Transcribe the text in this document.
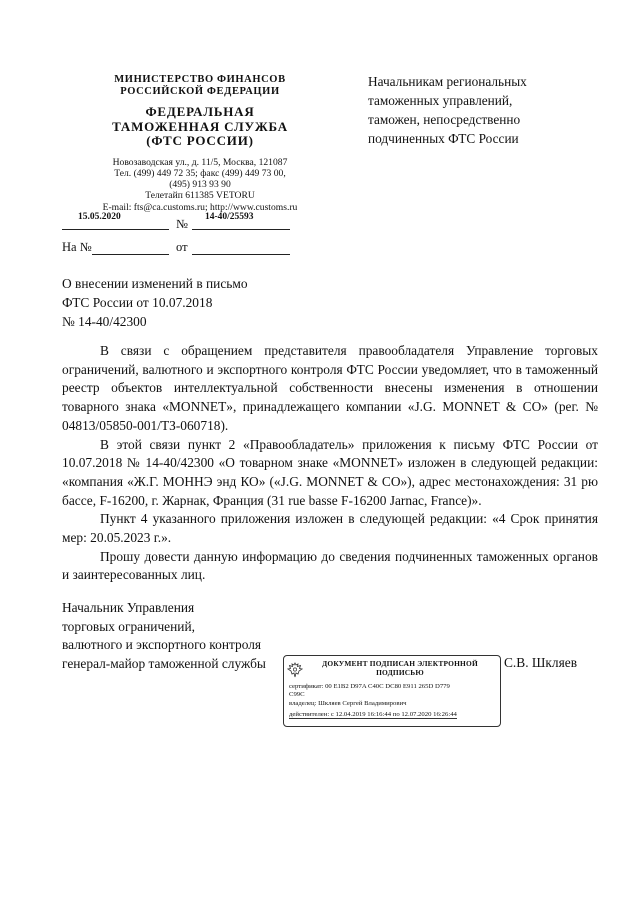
МИНИСТЕРСТВО ФИНАНСОВ
РОССИЙСКОЙ ФЕДЕРАЦИИ
ФЕДЕРАЛЬНАЯ
ТАМОЖЕННАЯ СЛУЖБА
(ФТС РОССИИ)
Новозаводская ул., д. 11/5, Москва, 121087
Тел. (499) 449 72 35; факс (499) 449 73 00,
(495) 913 93 90
Телетайп 611385 VETORU
E-mail: fts@ca.customs.ru; http://www.customs.ru
15.05.2020	№ 14-40/25593
На №	от
Начальникам региональных
таможенных управлений,
таможен, непосредственно
подчиненных ФТС России
О внесении изменений в письмо
ФТС России от 10.07.2018
№ 14-40/42300

В связи с обращением представителя правообладателя Управление торговых ограничений, валютного и экспортного контроля ФТС России уведомляет, что в таможенный реестр объектов интеллектуальной собственности внесены изменения в отношении товарного знака «MONNET», принадлежащего компании «J.G. MONNET & CO» (рег. № 04813/05850-001/ТЗ-060718).

В этой связи пункт 2 «Правообладатель» приложения к письму ФТС России от 10.07.2018 № 14-40/42300 «О товарном знаке «MONNET» изложен в следующей редакции: «компания «Ж.Г. МОННЭ энд КО» («J.G. MONNET & CO»), адрес местонахождения: 31 рю бассе, F-16200, г. Жарнак, Франция (31 rue basse F-16200 Jarnac, France)».

Пункт 4 указанного приложения изложен в следующей редакции: «4 Срок принятия мер: 20.05.2023 г.».

Прошу довести данную информацию до сведения подчиненных таможенных органов и заинтересованных лиц.

Начальник Управления
торговых ограничений,
валютного и экспортного контроля
генерал-майор таможенной службы	С.В. Шкляев
ДОКУМЕНТ ПОДПИСАН ЭЛЕКТРОННОЙ
ПОДПИСЬЮ
сертификат: 00 E1B2 D97A C40C DC80 E911 265D D779
C99C
владелец: Шкляев Сергей Владимирович
действителен: с 12.04.2019 16:16:44 по 12.07.2020 16:26:44
